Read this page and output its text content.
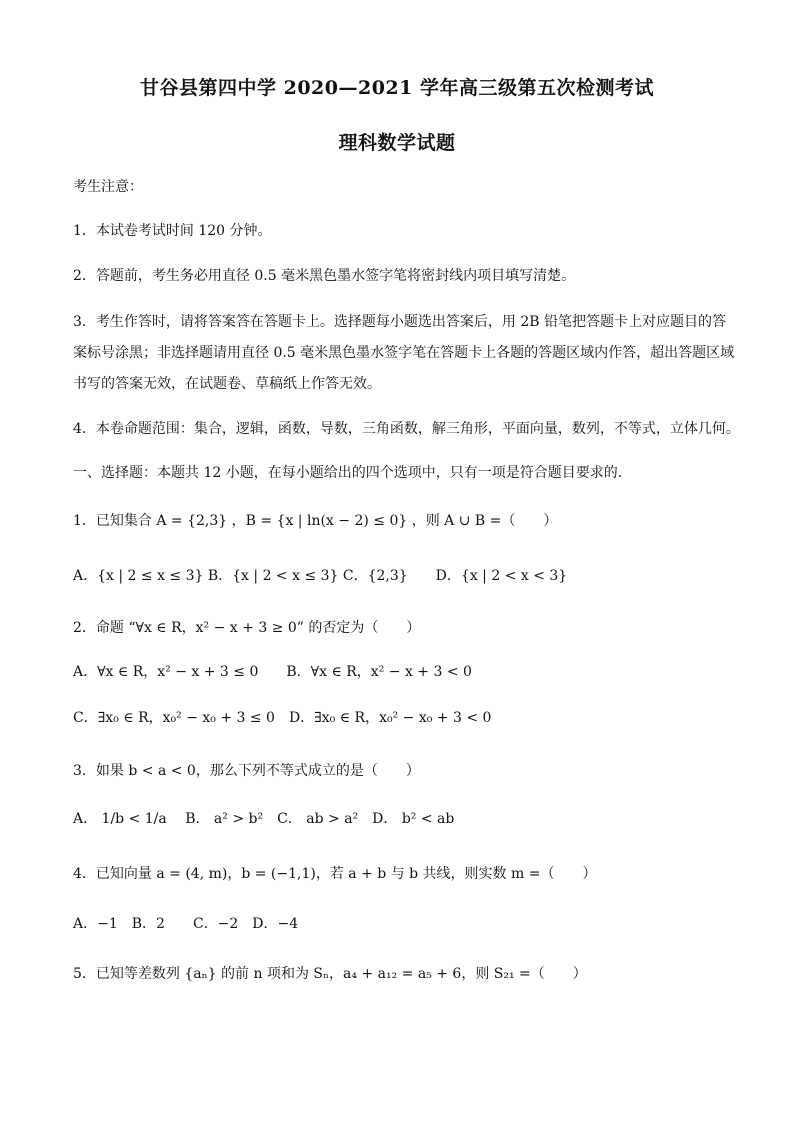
甘谷县第四中学 2020—2021 学年高三级第五次检测考试
理科数学试题
考生注意：
1．本试卷考试时间 120 分钟。
2．答题前，考生务必用直径 0.5 毫米黑色墨水签字笔将密封线内项目填写清楚。
3．考生作答时，请将答案答在答题卡上。选择题每小题选出答案后，用 2B 铅笔把答题卡上对应题目的答
案标号涂黑；非选择题请用直径 0.5 毫米黑色墨水签字笔在答题卡上各题的答题区域内作答，超出答题区域
书写的答案无效，在试题卷、草稿纸上作答无效。
4．本卷命题范围：集合，逻辑，函数，导数，三角函数，解三角形，平面向量，数列，不等式，立体几何。
一、选择题：本题共 12 小题，在每小题给出的四个选项中，只有一项是符合题目要求的.
1．已知集合 A = {2,3} ，B = {x | ln(x − 2) ≤ 0} ，则 A ∪ B =（　　）
A．{x | 2 ≤ x ≤ 3} B．{x | 2 < x ≤ 3} C．{2,3}　　D．{x | 2 < x < 3}
2．命题 “∀x ∈ R，x² − x + 3 ≥ 0” 的否定为（　　）
A．∀x ∈ R，x² − x + 3 ≤ 0　　B．∀x ∈ R，x² − x + 3 < 0
C．∃x₀ ∈ R，x₀² − x₀ + 3 ≤ 0　D．∃x₀ ∈ R，x₀² − x₀ + 3 < 0
3．如果 b < a < 0，那么下列不等式成立的是（　　）
A． 1/b < 1/a 　B． a² > b²　C． ab > a²　D． b² < ab
4．已知向量 a = (4, m)，b = (−1,1)，若 a + b 与 b 共线，则实数 m =（　　）
A．−1　B．2　　C．−2　D．−4
5．已知等差数列 {aₙ} 的前 n 项和为 Sₙ，a₄ + a₁₂ = a₅ + 6，则 S₂₁ =（　　）
